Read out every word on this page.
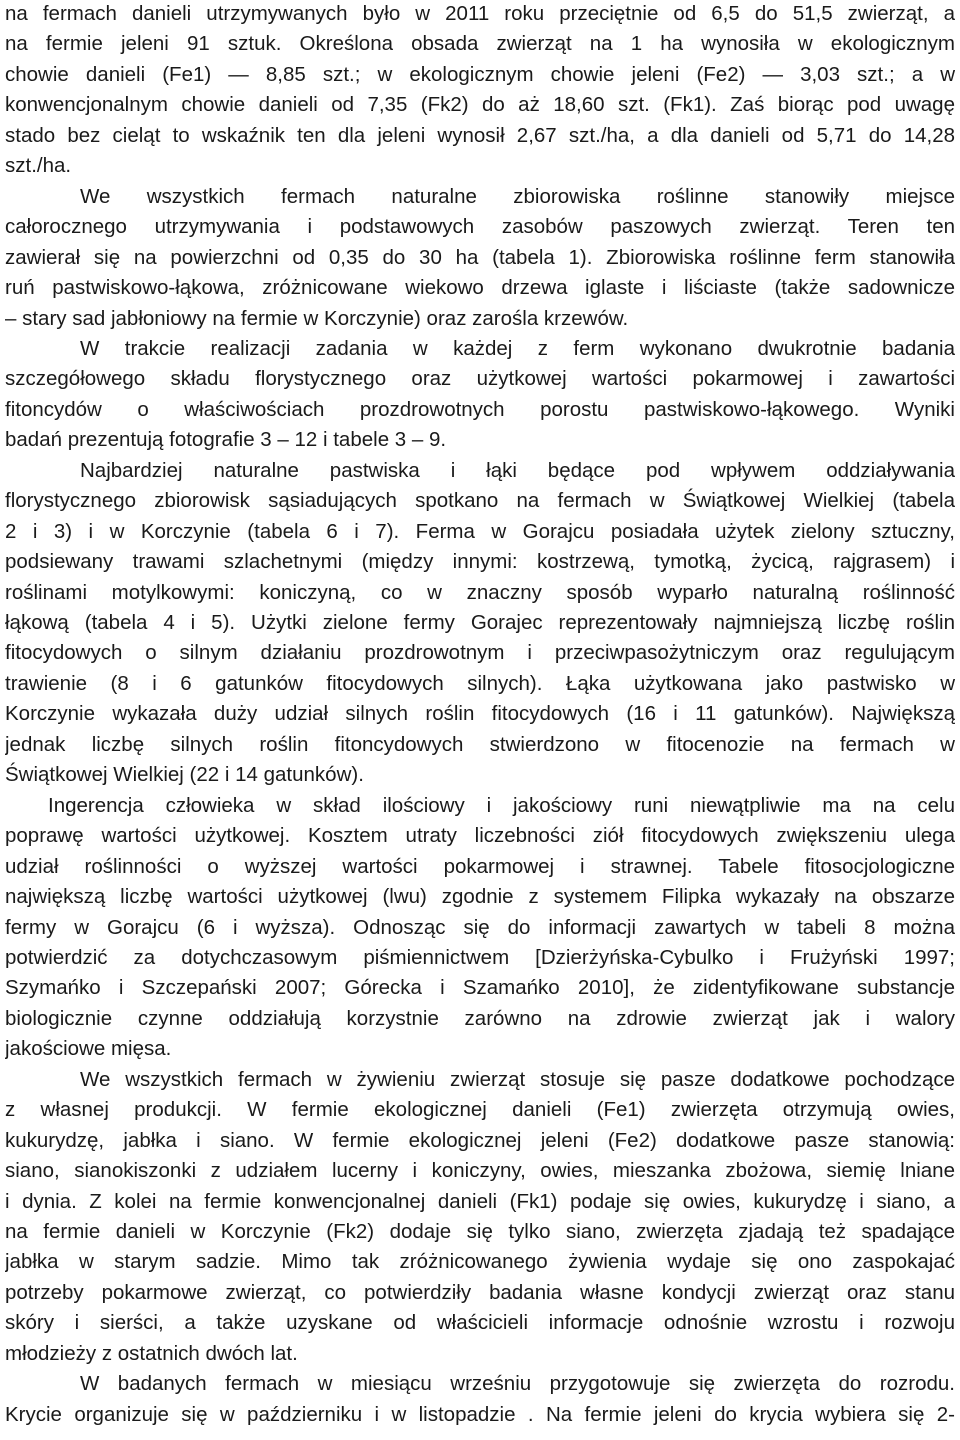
na fermach danieli utrzymywanych było w 2011 roku przeciętnie od 6,5 do 51,5 zwierząt, a
na fermie jeleni 91 sztuk. Określona obsada zwierząt na 1 ha wynosiła w ekologicznym
chowie danieli (Fe1) — 8,85 szt.; w ekologicznym chowie jeleni (Fe2) — 3,03 szt.; a w
konwencjonalnym chowie danieli od 7,35 (Fk2) do aż 18,60 szt. (Fk1). Zaś biorąc pod uwagę
stado bez cieląt to wskaźnik ten dla jeleni wynosił 2,67 szt./ha, a dla danieli od 5,71 do 14,28
szt./ha.
We wszystkich fermach naturalne zbiorowiska roślinne stanowiły miejsce
całorocznego utrzymywania i podstawowych zasobów paszowych zwierząt. Teren ten
zawierał się na powierzchni od 0,35 do 30 ha (tabela 1). Zbiorowiska roślinne ferm stanowiła
ruń pastwiskowo-łąkowa, zróżnicowane wiekowo drzewa iglaste i liściaste (także sadownicze
– stary sad jabłoniowy na fermie w Korczynie) oraz zarośla krzewów.
W trakcie realizacji zadania w każdej z ferm wykonano dwukrotnie badania
szczegółowego składu florystycznego oraz użytkowej wartości pokarmowej i zawartości
fitoncydów o właściwościach prozdrowotnych porostu pastwiskowo-łąkowego. Wyniki
badań prezentują fotografie 3 – 12 i tabele 3 – 9.
Najbardziej naturalne pastwiska i łąki będące pod wpływem oddziaływania
florystycznego zbiorowisk sąsiadujących spotkano na fermach w Świątkowej Wielkiej (tabela
2 i 3) i w Korczynie (tabela 6 i 7). Ferma w Gorajcu posiadała użytek zielony sztuczny,
podsiewany trawami szlachetnymi (między innymi: kostrzewą, tymotką, życicą, rajgrasem) i
roślinami motylkowymi: koniczyną, co w znaczny sposób wyparło naturalną roślinność
łąkową (tabela 4 i 5). Użytki zielone fermy Gorajec reprezentowały najmniejszą liczbę roślin
fitocydowych o silnym działaniu prozdrowotnym i przeciwpasożytniczym oraz regulującym
trawienie (8 i 6 gatunków fitocydowych silnych). Łąka użytkowana jako pastwisko w
Korczynie wykazała duży udział silnych roślin fitocydowych (16 i 11 gatunków). Największą
jednak liczbę silnych roślin fitoncydowych stwierdzono w fitocenozie na fermach w
Świątkowej Wielkiej (22 i 14 gatunków).
Ingerencja człowieka w skład ilościowy i jakościowy runi niewątpliwie ma na celu
poprawę wartości użytkowej. Kosztem utraty liczebności ziół fitocydowych zwiększeniu ulega
udział roślinności o wyższej wartości pokarmowej i strawnej. Tabele fitosocjologiczne
największą liczbę wartości użytkowej (lwu) zgodnie z systemem Filipka wykazały na obszarze
fermy w Gorajcu (6 i wyższa). Odnosząc się do informacji zawartych w tabeli 8 można
potwierdzić za dotychczasowym piśmiennictwem [Dzierżyńska-Cybulko i Frużyński 1997;
Szymańko i Szczepański 2007; Górecka i Szamańko 2010], że zidentyfikowane substancje
biologicznie czynne oddziałują korzystnie zarówno na zdrowie zwierząt jak i walory
jakościowe mięsa.
We wszystkich fermach w żywieniu zwierząt stosuje się pasze dodatkowe pochodzące
z własnej produkcji. W fermie ekologicznej danieli (Fe1) zwierzęta otrzymują owies,
kukurydzę, jabłka i siano. W fermie ekologicznej jeleni (Fe2) dodatkowe pasze stanowią:
siano, sianokiszonki z udziałem lucerny i koniczyny, owies, mieszanka zbożowa, siemię lniane
i dynia. Z kolei na fermie konwencjonalnej danieli (Fk1) podaje się owies, kukurydzę i siano, a
na fermie danieli w Korczynie (Fk2) dodaje się tylko siano, zwierzęta zjadają też spadające
jabłka w starym sadzie. Mimo tak zróżnicowanego żywienia wydaje się ono zaspokajać
potrzeby pokarmowe zwierząt, co potwierdziły badania własne kondycji zwierząt oraz stanu
skóry i sierści, a także uzyskane od właścicieli informacje odnośnie wzrostu i rozwoju
młodzieży z ostatnich dwóch lat.
W badanych fermach w miesiącu wrześniu przygotowuje się zwierzęta do rozrodu.
Krycie organizuje się w październiku i w listopadzie . Na fermie jeleni do krycia wybiera się 2-
